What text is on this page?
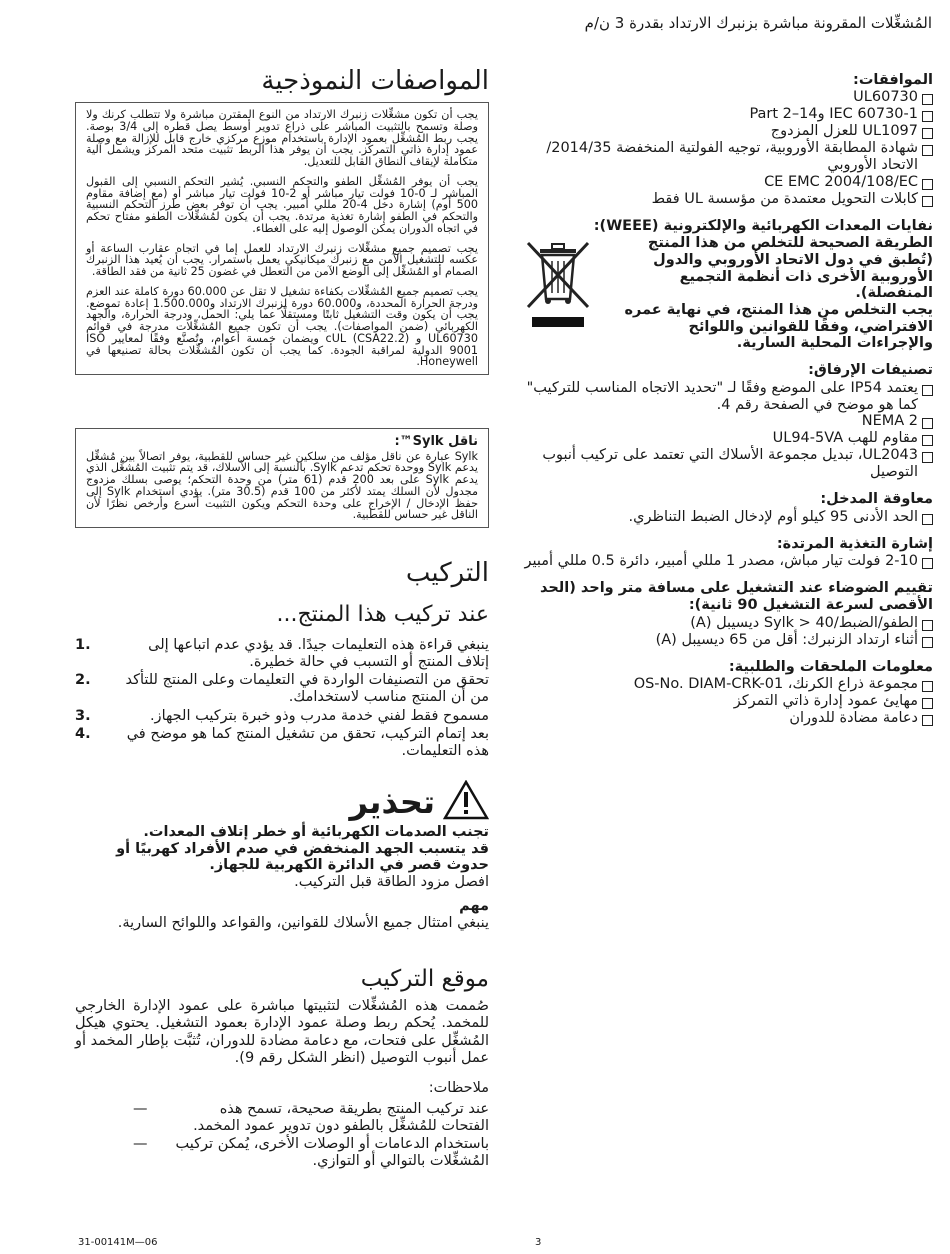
المُشغِّلات المقرونة مباشرة بزنبرك الارتداد بقدرة 3 ن/م
المواصفات النموذجية

يجب أن تكون مشغِّلات زنبرك الارتداد من النوع المقترن مباشرة ولا تتطلب كرنك ولا وصلة وتسمح بالتثبيت المباشر على ذراع تدوير أوسط يصل قطره إلى 3/4 بوصة. يجب ربط المُشغِّل بعمود الإدارة باستخدام موزع مركزي خارج قابل للإزالة مع وصلة عمود إدارة ذاتي التمركز. يجب أن يوفر هذا الربط تثبيت متحد المركز ويشمل آلية متكاملة لإيقاف النطاق القابل للتعديل.

يجب أن يوفر المُشغِّل الطفو والتحكم النسبي. يُشير التحكم النسبي إلى القبول المباشر لـ 0-10 فولت تيار مباشر أو 2-10 فولت تيار مباشر أو (مع إضافة مقاوم 500 أوم) إشارة دخل 4-20 مللي أمبير. يجب أن توفر بعض طرز التحكم النسبية والتحكم في الطفو إشارة تغذية مرتدة. يجب أن يكون لمُشغِّلات الطفو مفتاح تحكم في اتجاه الدوران يمكن الوصول إليه على الغطاء.

يجب تصميم جميع مشغِّلات زنبرك الارتداد للعمل إما في اتجاه عقارب الساعة أو عكسه للتشغيل الآمن مع زنبرك ميكانيكي يعمل باستمرار. يجب أن يُعيد هذا الزنبرك الصمام أو المُشغِّل إلى الوضع الآمن من التعطل في غضون 25 ثانية من فقد الطاقة.

يجب تصميم جميع المُشغِّلات بكفاءة تشغيل لا تقل عن 60.000 دورة كاملة عند العزم ودرجة الحرارة المحددة، و60.000 دورة لزنبرك الارتداد و1.500.000 إعادة تموضع. يجب أن يكون وقت التشغيل ثابتًا ومستقلًا عما يلي: الحمل، ودرجة الحرارة، والجهد الكهربائي (ضمن المواصفات). يجب أن تكون جميع المُشغِّلات مدرجة في قوائم UL60730 و cUL (CSA22.2) ويضمان خمسة أعوام، وتُصنَّع وفقًا لمعايير ISO 9001 الدولية لمراقبة الجودة. كما يجب أن تكون المُشغِّلات بحالة تصنيعها في Honeywell.

ناقل Sylk™:

Sylk عبارة عن ناقل مؤلف من سلكين غير حساس للقطبية، يوفر اتصالاً بين مُشغِّل يدعم Sylk ووحدة تحكم تدعم Sylk. بالنسبة إلى الأسلاك، قد يتم تثبيت المُشغِّل الذي يدعم Sylk على بعد 200 قدم (61 متر) من وحدة التحكم؛ يوصى بسلك مزدوج مجدول لأن السلك يمتد لأكثر من 100 قدم (30.5 متر). يؤدي استخدام Sylk إلى حفظ الإدخال / الإخراج على وحدة التحكم ويكون التثبيت أسرع وأرخص نظرًا لأن الناقل غير حساس للقطبية.

التركيب
عند تركيب هذا المنتج...
1.	ينبغي قراءة هذه التعليمات جيدًا. قد يؤدي عدم اتباعها إلى إتلاف المنتج أو التسبب في حالة خطيرة.
2.	تحقق من التصنيفات الواردة في التعليمات وعلى المنتج للتأكد من أن المنتج مناسب لاستخدامك.
3.	مسموح فقط لفني خدمة مدرب وذو خبرة بتركيب الجهاز.
4.	بعد إتمام التركيب، تحقق من تشغيل المنتج كما هو موضح في هذه التعليمات.
تحذير
تجنب الصدمات الكهربائية أو خطر إتلاف المعدات.
قد يتسبب الجهد المنخفض في صدم الأفراد كهربيًا أو حدوث قصر في الدائرة الكهربية للجهاز.
افصل مزود الطاقة قبل التركيب.
مهم
ينبغي امتثال جميع الأسلاك للقوانين، والقواعد واللوائح السارية.
موقع التركيب
صُممت هذه المُشغِّلات لتثبيتها مباشرة على عمود الإدارة الخارجي للمخمد. يُحكم ربط وصلة عمود الإدارة بعمود التشغيل. يحتوي هيكل المُشغِّل على فتحات، مع دعامة مضادة للدوران، تُثبَّت بإطار المخمد أو عمل أنبوب التوصيل (انظر الشكل رقم 9).
ملاحظات:
—	عند تركيب المنتج بطريقة صحيحة، تسمح هذه الفتحات للمُشغِّل بالطفو دون تدوير عمود المخمد.
—	باستخدام الدعامات أو الوصلات الأخرى، يُمكن تركيب المُشغِّلات بالتوالي أو التوازي.
الموافقات:
UL60730
IEC 60730-1 وPart 2–14
UL1097 للعزل المزدوج
شهادة المطابقة الأوروبية، توجيه الفولتية المنخفضة 2014/35/الاتحاد الأوروبي
CE EMC 2004/108/EC
كابلات التحويل معتمدة من مؤسسة UL فقط
نفايات المعدات الكهربائية والإلكترونية (WEEE):
الطريقة الصحيحة للتخلص من هذا المنتج (تُطبق في دول الاتحاد الأوروبي والدول الأوروبية الأخرى ذات أنظمة التجميع المنفصلة).
يجب التخلص من هذا المنتج، في نهاية عمره الافتراضي، وفقًا للقوانين واللوائح والإجراءات المحلية السارية.
تصنيفات الإرفاق:
يعتمد IP54 على الموضع وفقًا لـ "تحديد الاتجاه المناسب للتركيب" كما هو موضح في الصفحة رقم 4.
NEMA 2
مقاوم للهب UL94-5VA
UL2043، تبديل مجموعة الأسلاك التي تعتمد على تركيب أنبوب التوصيل
معاوقة المدخل:
الحد الأدنى 95 كيلو أوم لإدخال الضبط التناظري.
إشارة التغذية المرتدة:
2-10 فولت تيار مباش، مصدر 1 مللي أمبير، دائرة 0.5 مللي أمبير
تقييم الضوضاء عند التشغيل على مسافة متر واحد (الحد الأقصى لسرعة التشغيل 90 ثانية):
الطفو/الضبط/Sylk > 40 ديسيبل (A)
أثناء ارتداد الزنبرك: أقل من 65 ديسيبل (A)
معلومات الملحقات والطلبية:
مجموعة ذراع الكرنك، OS-No. DIAM-CRK-01
مهايئ عمود إدارة ذاتي التمركز
دعامة مضادة للدوران
31-00141M—06	3
